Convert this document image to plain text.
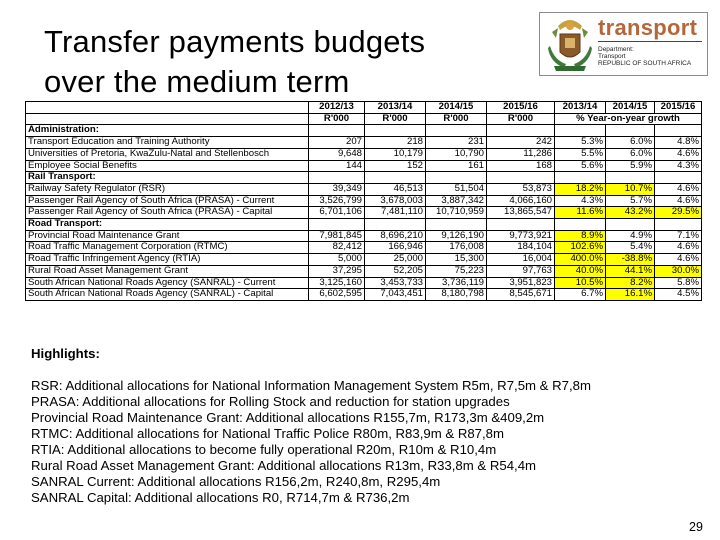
Transfer payments budgets
over the medium term
transport
Department:
Transport
REPUBLIC OF SOUTH AFRICA
	2012/13	2013/14	2014/15	2015/16	2013/14	2014/15	2015/16
	R'000	R'000	R'000	R'000	% Year-on-year growth		
Administration:							
Transport Education and Training Authority	207	218	231	242	5.3%	6.0%	4.8%
Universities of Pretoria, KwaZulu-Natal and Stellenbosch	9,648	10,179	10,790	11,286	5.5%	6.0%	4.6%
Employee Social Benefits	144	152	161	168	5.6%	5.9%	4.3%
Rail Transport:							
Railway Safety Regulator (RSR)	39,349	46,513	51,504	53,873	18.2%	10.7%	4.6%
Passenger Rail Agency of South Africa (PRASA) - Current	3,526,799	3,678,003	3,887,342	4,066,160	4.3%	5.7%	4.6%
Passenger Rail Agency of South Africa (PRASA) - Capital	6,701,106	7,481,110	10,710,959	13,865,547	11.6%	43.2%	29.5%
Road Transport:							
Provincial Road Maintenance Grant	7,981,845	8,696,210	9,126,190	9,773,921	8.9%	4.9%	7.1%
Road Traffic Management Corporation (RTMC)	82,412	166,946	176,008	184,104	102.6%	5.4%	4.6%
Road Traffic Infringement Agency (RTIA)	5,000	25,000	15,300	16,004	400.0%	-38.8%	4.6%
Rural Road Asset Management Grant	37,295	52,205	75,223	97,763	40.0%	44.1%	30.0%
South African National Roads Agency (SANRAL) - Current	3,125,160	3,453,733	3,736,119	3,951,823	10.5%	8.2%	5.8%
South African National Roads Agency (SANRAL) - Capital	6,602,595	7,043,451	8,180,798	8,545,671	6.7%	16.1%	4.5%
Highlights:
RSR: Additional allocations for National Information Management System R5m, R7,5m & R7,8m
PRASA: Additional allocations for Rolling Stock and reduction for station upgrades
Provincial Road Maintenance Grant: Additional allocations R155,7m, R173,3m &409,2m
RTMC: Additional allocations for National Traffic Police R80m, R83,9m & R87,8m
RTIA: Additional allocations to become fully operational R20m, R10m & R10,4m
Rural Road Asset Management Grant: Additional allocations R13m, R33,8m & R54,4m
SANRAL Current: Additional allocations R156,2m, R240,8m, R295,4m
SANRAL Capital: Additional allocations R0, R714,7m & R736,2m
29
